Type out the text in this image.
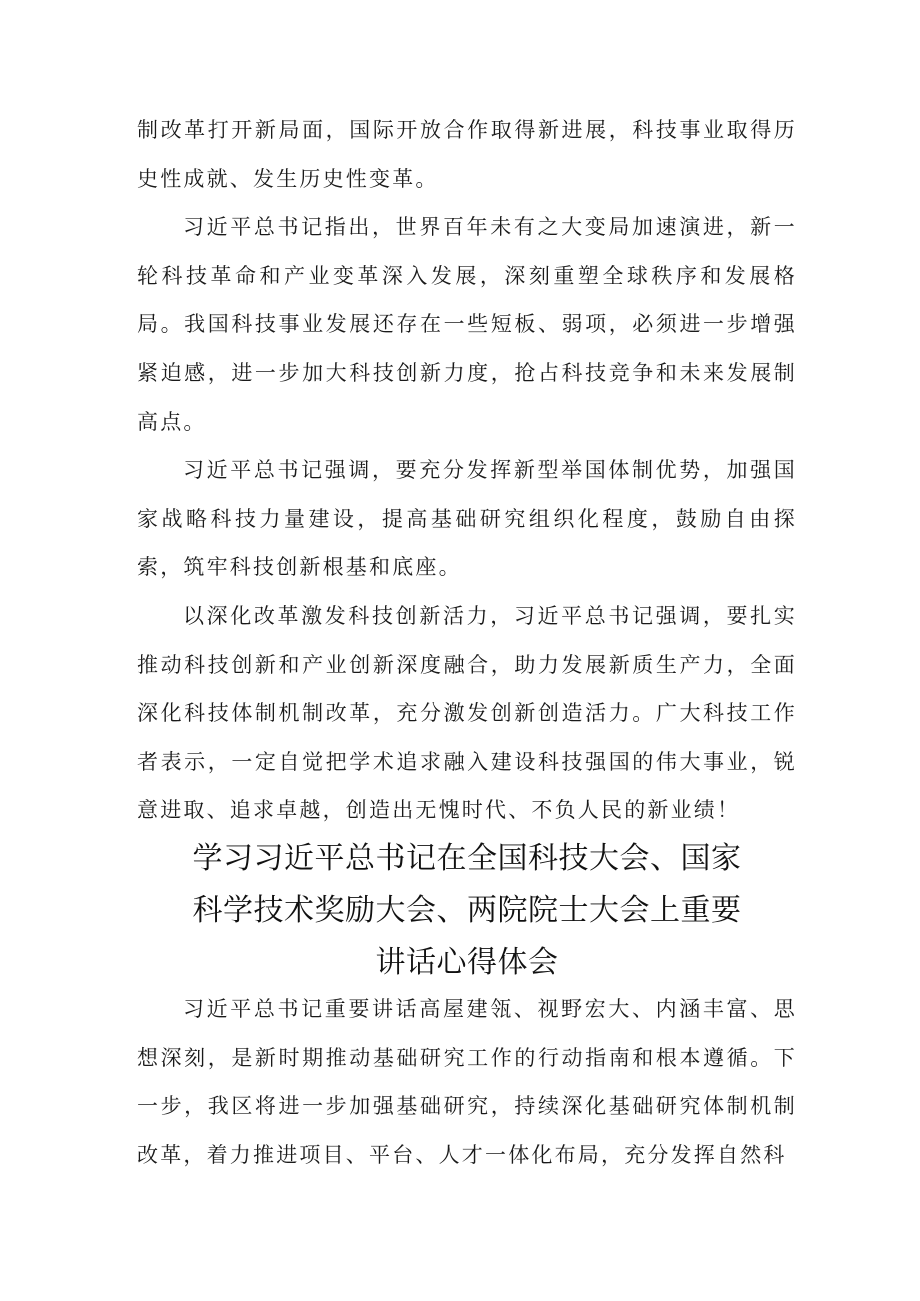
制改革打开新局面，国际开放合作取得新进展，科技事业取得历史性成就、发生历史性变革。

习近平总书记指出，世界百年未有之大变局加速演进，新一轮科技革命和产业变革深入发展，深刻重塑全球秩序和发展格局。我国科技事业发展还存在一些短板、弱项，必须进一步增强紧迫感，进一步加大科技创新力度，抢占科技竞争和未来发展制高点。

习近平总书记强调，要充分发挥新型举国体制优势，加强国家战略科技力量建设，提高基础研究组织化程度，鼓励自由探索，筑牢科技创新根基和底座。

以深化改革激发科技创新活力，习近平总书记强调，要扎实推动科技创新和产业创新深度融合，助力发展新质生产力，全面深化科技体制机制改革，充分激发创新创造活力。广大科技工作者表示，一定自觉把学术追求融入建设科技强国的伟大事业，锐意进取、追求卓越，创造出无愧时代、不负人民的新业绩！

学习习近平总书记在全国科技大会、国家
科学技术奖励大会、两院院士大会上重要
讲话心得体会

习近平总书记重要讲话高屋建瓴、视野宏大、内涵丰富、思想深刻，是新时期推动基础研究工作的行动指南和根本遵循。下一步，我区将进一步加强基础研究，持续深化基础研究体制机制改革，着力推进项目、平台、人才一体化布局，充分发挥自然科
